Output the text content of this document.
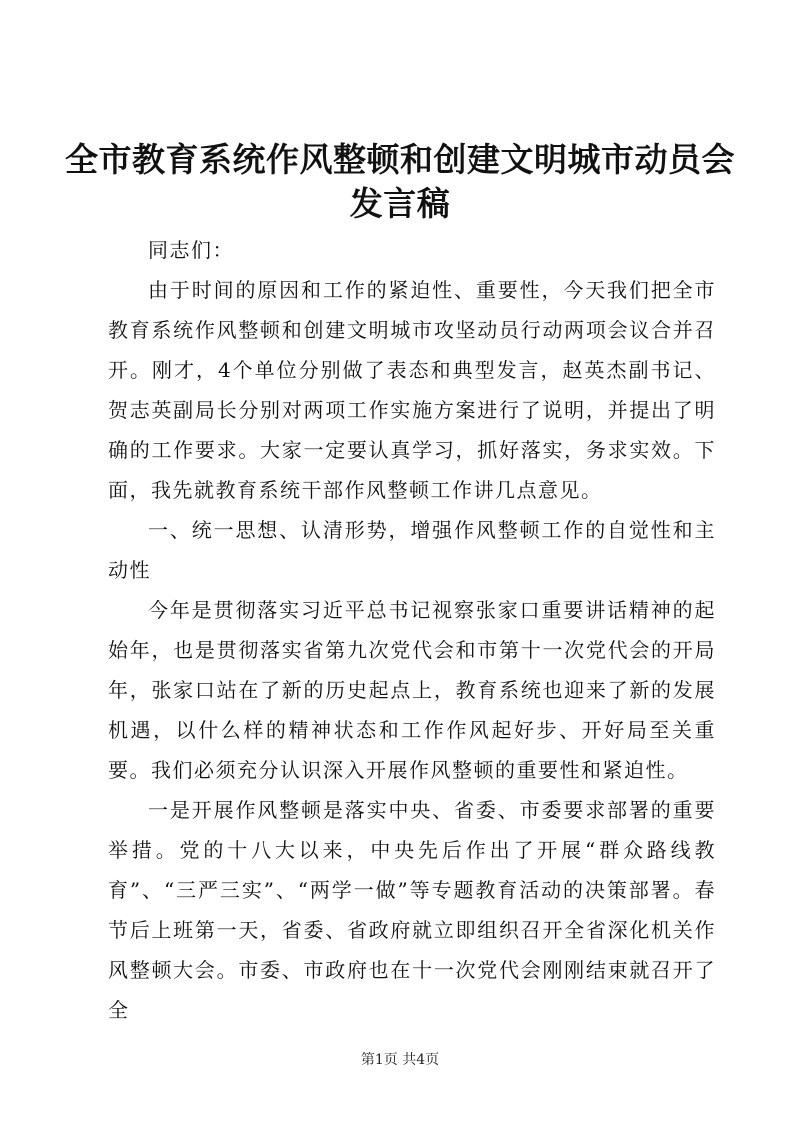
全市教育系统作风整顿和创建文明城市动员会
发言稿

同志们：

由于时间的原因和工作的紧迫性、重要性，今天我们把全市教育系统作风整顿和创建文明城市攻坚动员行动两项会议合并召开。刚才，4个单位分别做了表态和典型发言，赵英杰副书记、贺志英副局长分别对两项工作实施方案进行了说明，并提出了明确的工作要求。大家一定要认真学习，抓好落实，务求实效。下面，我先就教育系统干部作风整顿工作讲几点意见。

一、统一思想、认清形势，增强作风整顿工作的自觉性和主动性

今年是贯彻落实习近平总书记视察张家口重要讲话精神的起始年，也是贯彻落实省第九次党代会和市第十一次党代会的开局年，张家口站在了新的历史起点上，教育系统也迎来了新的发展机遇，以什么样的精神状态和工作作风起好步、开好局至关重要。我们必须充分认识深入开展作风整顿的重要性和紧迫性。

一是开展作风整顿是落实中央、省委、市委要求部署的重要举措。党的十八大以来，中央先后作出了开展“群众路线教育”、“三严三实”、“两学一做”等专题教育活动的决策部署。春节后上班第一天，省委、省政府就立即组织召开全省深化机关作风整顿大会。市委、市政府也在十一次党代会刚刚结束就召开了全

第1页 共4页
